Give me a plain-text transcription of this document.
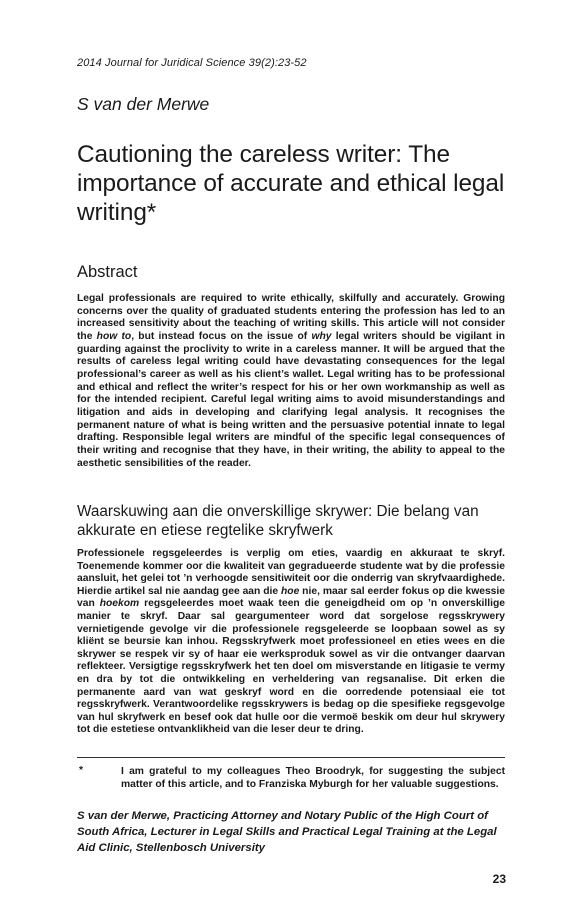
2014 Journal for Juridical Science 39(2):23-52
S van der Merwe
Cautioning the careless writer: The importance of accurate and ethical legal writing*
Abstract

Legal professionals are required to write ethically, skilfully and accurately. Growing concerns over the quality of graduated students entering the profession has led to an increased sensitivity about the teaching of writing skills. This article will not consider the how to, but instead focus on the issue of why legal writers should be vigilant in guarding against the proclivity to write in a careless manner. It will be argued that the results of careless legal writing could have devastating consequences for the legal professional’s career as well as his client’s wallet. Legal writing has to be professional and ethical and reflect the writer’s respect for his or her own workmanship as well as for the intended recipient. Careful legal writing aims to avoid misunderstandings and litigation and aids in developing and clarifying legal analysis. It recognises the permanent nature of what is being written and the persuasive potential innate to legal drafting. Responsible legal writers are mindful of the specific legal consequences of their writing and recognise that they have, in their writing, the ability to appeal to the aesthetic sensibilities of the reader.

Waarskuwing aan die onverskillige skrywer: Die belang van akkurate en etiese regtelike skryfwerk

Professionele regsgeleerdes is verplig om eties, vaardig en akkuraat te skryf. Toenemende kommer oor die kwaliteit van gegradueerde studente wat by die professie aansluit, het gelei tot ’n verhoogde sensitiwiteit oor die onderrig van skryfvaardighede. Hierdie artikel sal nie aandag gee aan die hoe nie, maar sal eerder fokus op die kwessie van hoekom regsgeleerdes moet waak teen die geneigdheid om op ’n onverskillige manier te skryf. Daar sal geargumenteer word dat sorgelose regsskrywery vernietigende gevolge vir die professionele regsgeleerde se loopbaan sowel as sy kliënt se beursie kan inhou. Regsskryfwerk moet professioneel en eties wees en die skrywer se respek vir sy of haar eie werksproduk sowel as vir die ontvanger daarvan reflekteer. Versigtige regsskryfwerk het ten doel om misverstande en litigasie te vermy en dra by tot die ontwikkeling en verheldering van regsanalise. Dit erken die permanente aard van wat geskryf word en die oorredende potensiaal eie tot regsskryfwerk. Verantwoordelike regsskrywers is bedag op die spesifieke regsgevolge van hul skryfwerk en besef ook dat hulle oor die vermoë beskik om deur hul skrywery tot die estetiese ontvanklikheid van die leser deur te dring.

*	I am grateful to my colleagues Theo Broodryk, for suggesting the subject matter of this article, and to Franziska Myburgh for her valuable suggestions.
S van der Merwe, Practicing Attorney and Notary Public of the High Court of South Africa, Lecturer in Legal Skills and Practical Legal Training at the Legal Aid Clinic, Stellenbosch University
23
